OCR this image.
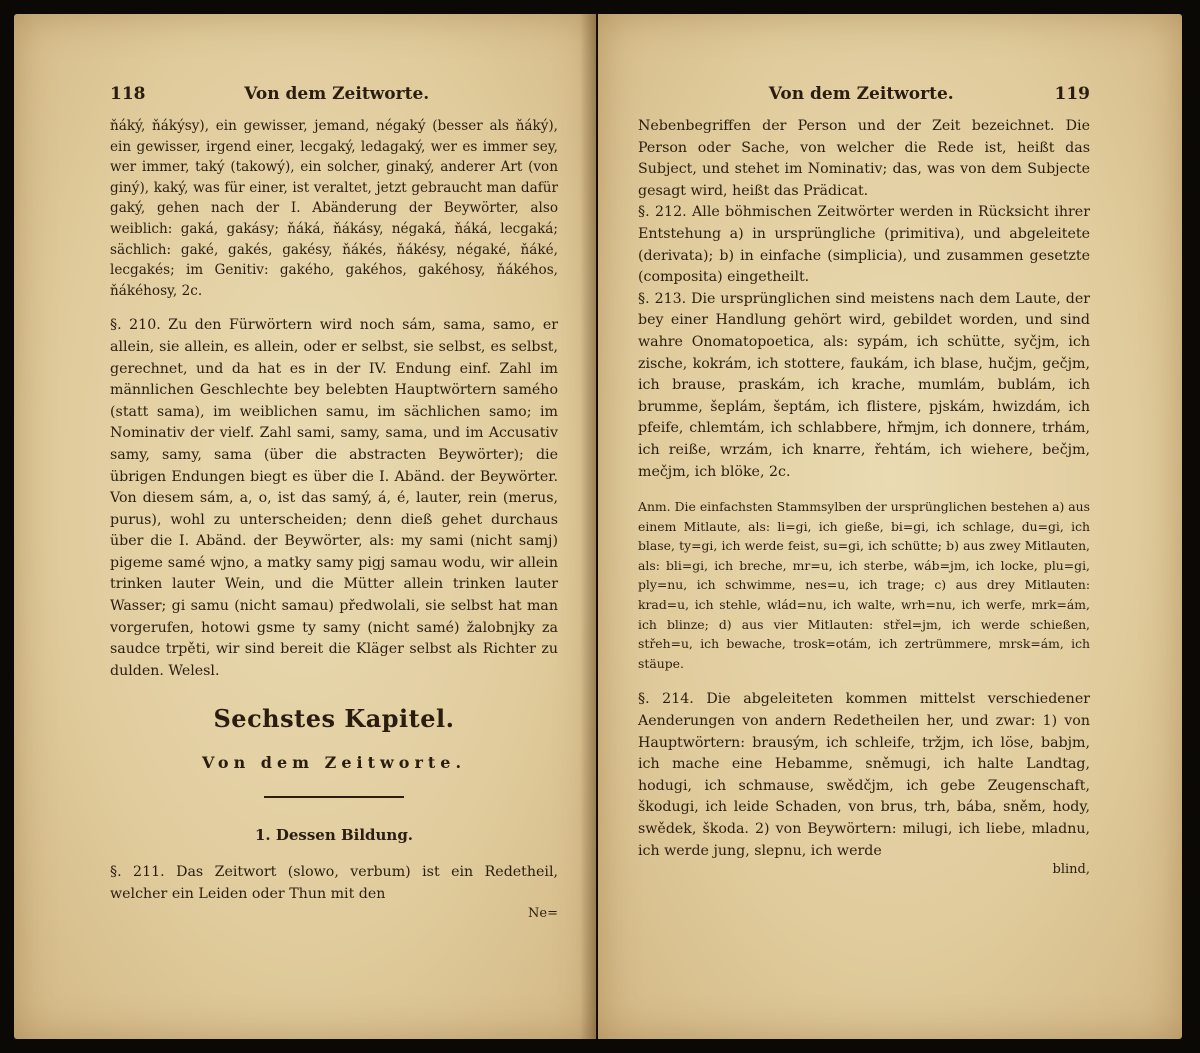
118	Von dem Zeitworte.

ňáký, ňákýsy), ein gewisser, jemand, négaký (besser als ňáký), ein gewisser, irgend einer, lecgaký, ledagaký, wer es immer sey, wer immer, taký (takowý), ein solcher, ginaký, anderer Art (von giný), kaký, was für einer, ist veraltet, jetzt gebraucht man dafür gaký, gehen nach der I. Abänderung der Beywörter, also weiblich: gaká, gakásy; ňáká, ňákásy, négaká, ňáká, lecgaká; sächlich: gaké, gakés, gakésy, ňákés, ňákésy, négaké, ňáké, lecgakés; im Genitiv: gakého, gakéhos, gakéhosy, ňákéhos, ňákéhosy, 2c.

§. 210. Zu den Fürwörtern wird noch sám, sama, samo, er allein, sie allein, es allein, oder er selbst, sie selbst, es selbst, gerechnet, und da hat es in der IV. Endung einf. Zahl im männlichen Geschlechte bey belebten Hauptwörtern samého (statt sama), im weiblichen samu, im sächlichen samo; im Nominativ der vielf. Zahl sami, samy, sama, und im Accusativ samy, samy, sama (über die abstracten Beywörter); die übrigen Endungen biegt es über die I. Abänd. der Beywörter. Von diesem sám, a, o, ist das samý, á, é, lauter, rein (merus, purus), wohl zu unterscheiden; denn dieß gehet durchaus über die I. Abänd. der Beywörter, als: my sami (nicht samj) pigeme samé wjno, a matky samy pigj samau wodu, wir allein trinken lauter Wein, und die Mütter allein trinken lauter Wasser; gi samu (nicht samau) předwolali, sie selbst hat man vorgerufen, hotowi gsme ty samy (nicht samé) žalobnjky za saudce trpěti, wir sind bereit die Kläger selbst als Richter zu dulden. Welesl.

Sechstes Kapitel.
Von dem Zeitworte.
1. Dessen Bildung.

§. 211. Das Zeitwort (slowo, verbum) ist ein Redetheil, welcher ein Leiden oder Thun mit den

Ne=
Von dem Zeitworte.	119

Nebenbegriffen der Person und der Zeit bezeichnet. Die Person oder Sache, von welcher die Rede ist, heißt das Subject, und stehet im Nominativ; das, was von dem Subjecte gesagt wird, heißt das Prädicat.

§. 212. Alle böhmischen Zeitwörter werden in Rücksicht ihrer Entstehung a) in ursprüngliche (primitiva), und abgeleitete (derivata); b) in einfache (simplicia), und zusammen gesetzte (composita) eingetheilt.

§. 213. Die ursprünglichen sind meistens nach dem Laute, der bey einer Handlung gehört wird, gebildet worden, und sind wahre Onomatopoetica, als: sypám, ich schütte, syčjm, ich zische, kokrám, ich stottere, faukám, ich blase, hučjm, gečjm, ich brause, praskám, ich krache, mumlám, bublám, ich brumme, šeplám, šeptám, ich flistere, pjskám, hwizdám, ich pfeife, chlemtám, ich schlabbere, hřmjm, ich donnere, trhám, ich reiße, wrzám, ich knarre, řehtám, ich wiehere, bečjm, mečjm, ich blöke, 2c.

Anm. Die einfachsten Stammsylben der ursprünglichen bestehen a) aus einem Mitlaute, als: li=gi, ich gieße, bi=gi, ich schlage, du=gi, ich blase, ty=gi, ich werde feist, su=gi, ich schütte; b) aus zwey Mitlauten, als: bli=gi, ich breche, mr=u, ich sterbe, wáb=jm, ich locke, plu=gi, ply=nu, ich schwimme, nes=u, ich trage; c) aus drey Mitlauten: krad=u, ich stehle, wlád=nu, ich walte, wrh=nu, ich werfe, mrk=ám, ich blinze; d) aus vier Mitlauten: střel=jm, ich werde schießen, střeh=u, ich bewache, trosk=otám, ich zertrümmere, mrsk=ám, ich stäupe.

§. 214. Die abgeleiteten kommen mittelst verschiedener Aenderungen von andern Redetheilen her, und zwar: 1) von Hauptwörtern: brausým, ich schleife, tržjm, ich löse, babjm, ich mache eine Hebamme, sněmugi, ich halte Landtag, hodugi, ich schmause, swědčjm, ich gebe Zeugenschaft, škodugi, ich leide Schaden, von brus, trh, bába, sněm, hody, swědek, škoda. 2) von Beywörtern: milugi, ich liebe, mladnu, ich werde jung, slepnu, ich werde

blind,
